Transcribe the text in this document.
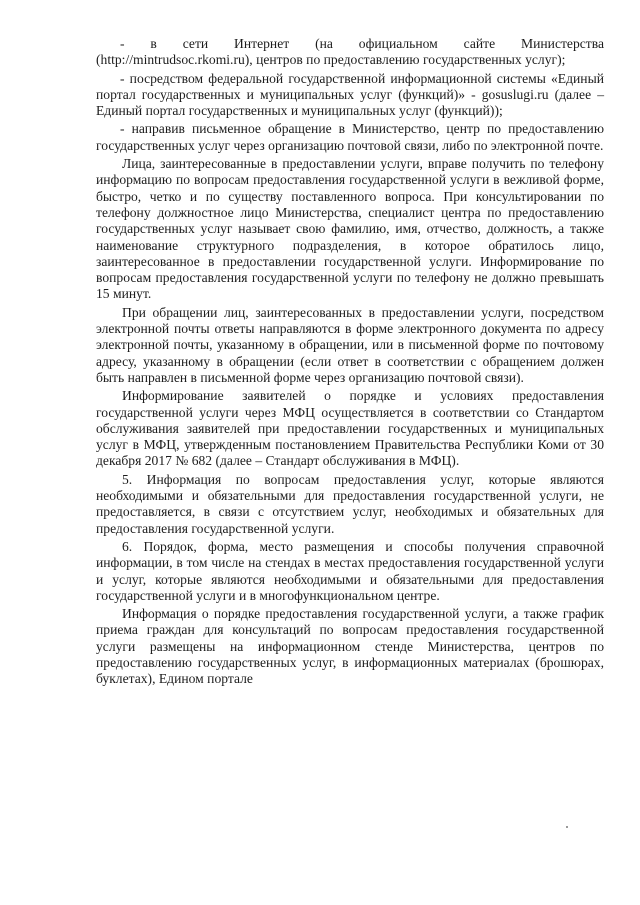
- в сети Интернет (на официальном сайте Министерства (http://mintrudsoc.rkomi.ru), центров по предоставлению государственных услуг);

- посредством федеральной государственной информационной системы «Единый портал государственных и муниципальных услуг (функций)» - gosuslugi.ru (далее – Единый портал государственных и муниципальных услуг (функций));

- направив письменное обращение в Министерство, центр по предоставлению государственных услуг через организацию почтовой связи, либо по электронной почте.

Лица, заинтересованные в предоставлении услуги, вправе получить по телефону информацию по вопросам предоставления государственной услуги в вежливой форме, быстро, четко и по существу поставленного вопроса. При консультировании по телефону должностное лицо Министерства, специалист центра по предоставлению государственных услуг называет свою фамилию, имя, отчество, должность, а также наименование структурного подразделения, в которое обратилось лицо, заинтересованное в предоставлении государственной услуги. Информирование по вопросам предоставления государственной услуги по телефону не должно превышать 15 минут.

При обращении лиц, заинтересованных в предоставлении услуги, посредством электронной почты ответы направляются в форме электронного документа по адресу электронной почты, указанному в обращении, или в письменной форме по почтовому адресу, указанному в обращении (если ответ в соответствии с обращением должен быть направлен в письменной форме через организацию почтовой связи).

Информирование заявителей о порядке и условиях предоставления государственной услуги через МФЦ осуществляется в соответствии со Стандартом обслуживания заявителей при предоставлении государственных и муниципальных услуг в МФЦ, утвержденным постановлением Правительства Республики Коми от 30 декабря 2017 № 682 (далее – Стандарт обслуживания в МФЦ).

5. Информация по вопросам предоставления услуг, которые являются необходимыми и обязательными для предоставления государственной услуги, не предоставляется, в связи с отсутствием услуг, необходимых и обязательных для предоставления государственной услуги.

6. Порядок, форма, место размещения и способы получения справочной информации, в том числе на стендах в местах предоставления государственной услуги и услуг, которые являются необходимыми и обязательными для предоставления государственной услуги и в многофункциональном центре.

Информация о порядке предоставления государственной услуги, а также график приема граждан для консультаций по вопросам предоставления государственной услуги размещены на информационном стенде Министерства, центров по предоставлению государственных услуг, в информационных материалах (брошюрах, буклетах), Едином портале
